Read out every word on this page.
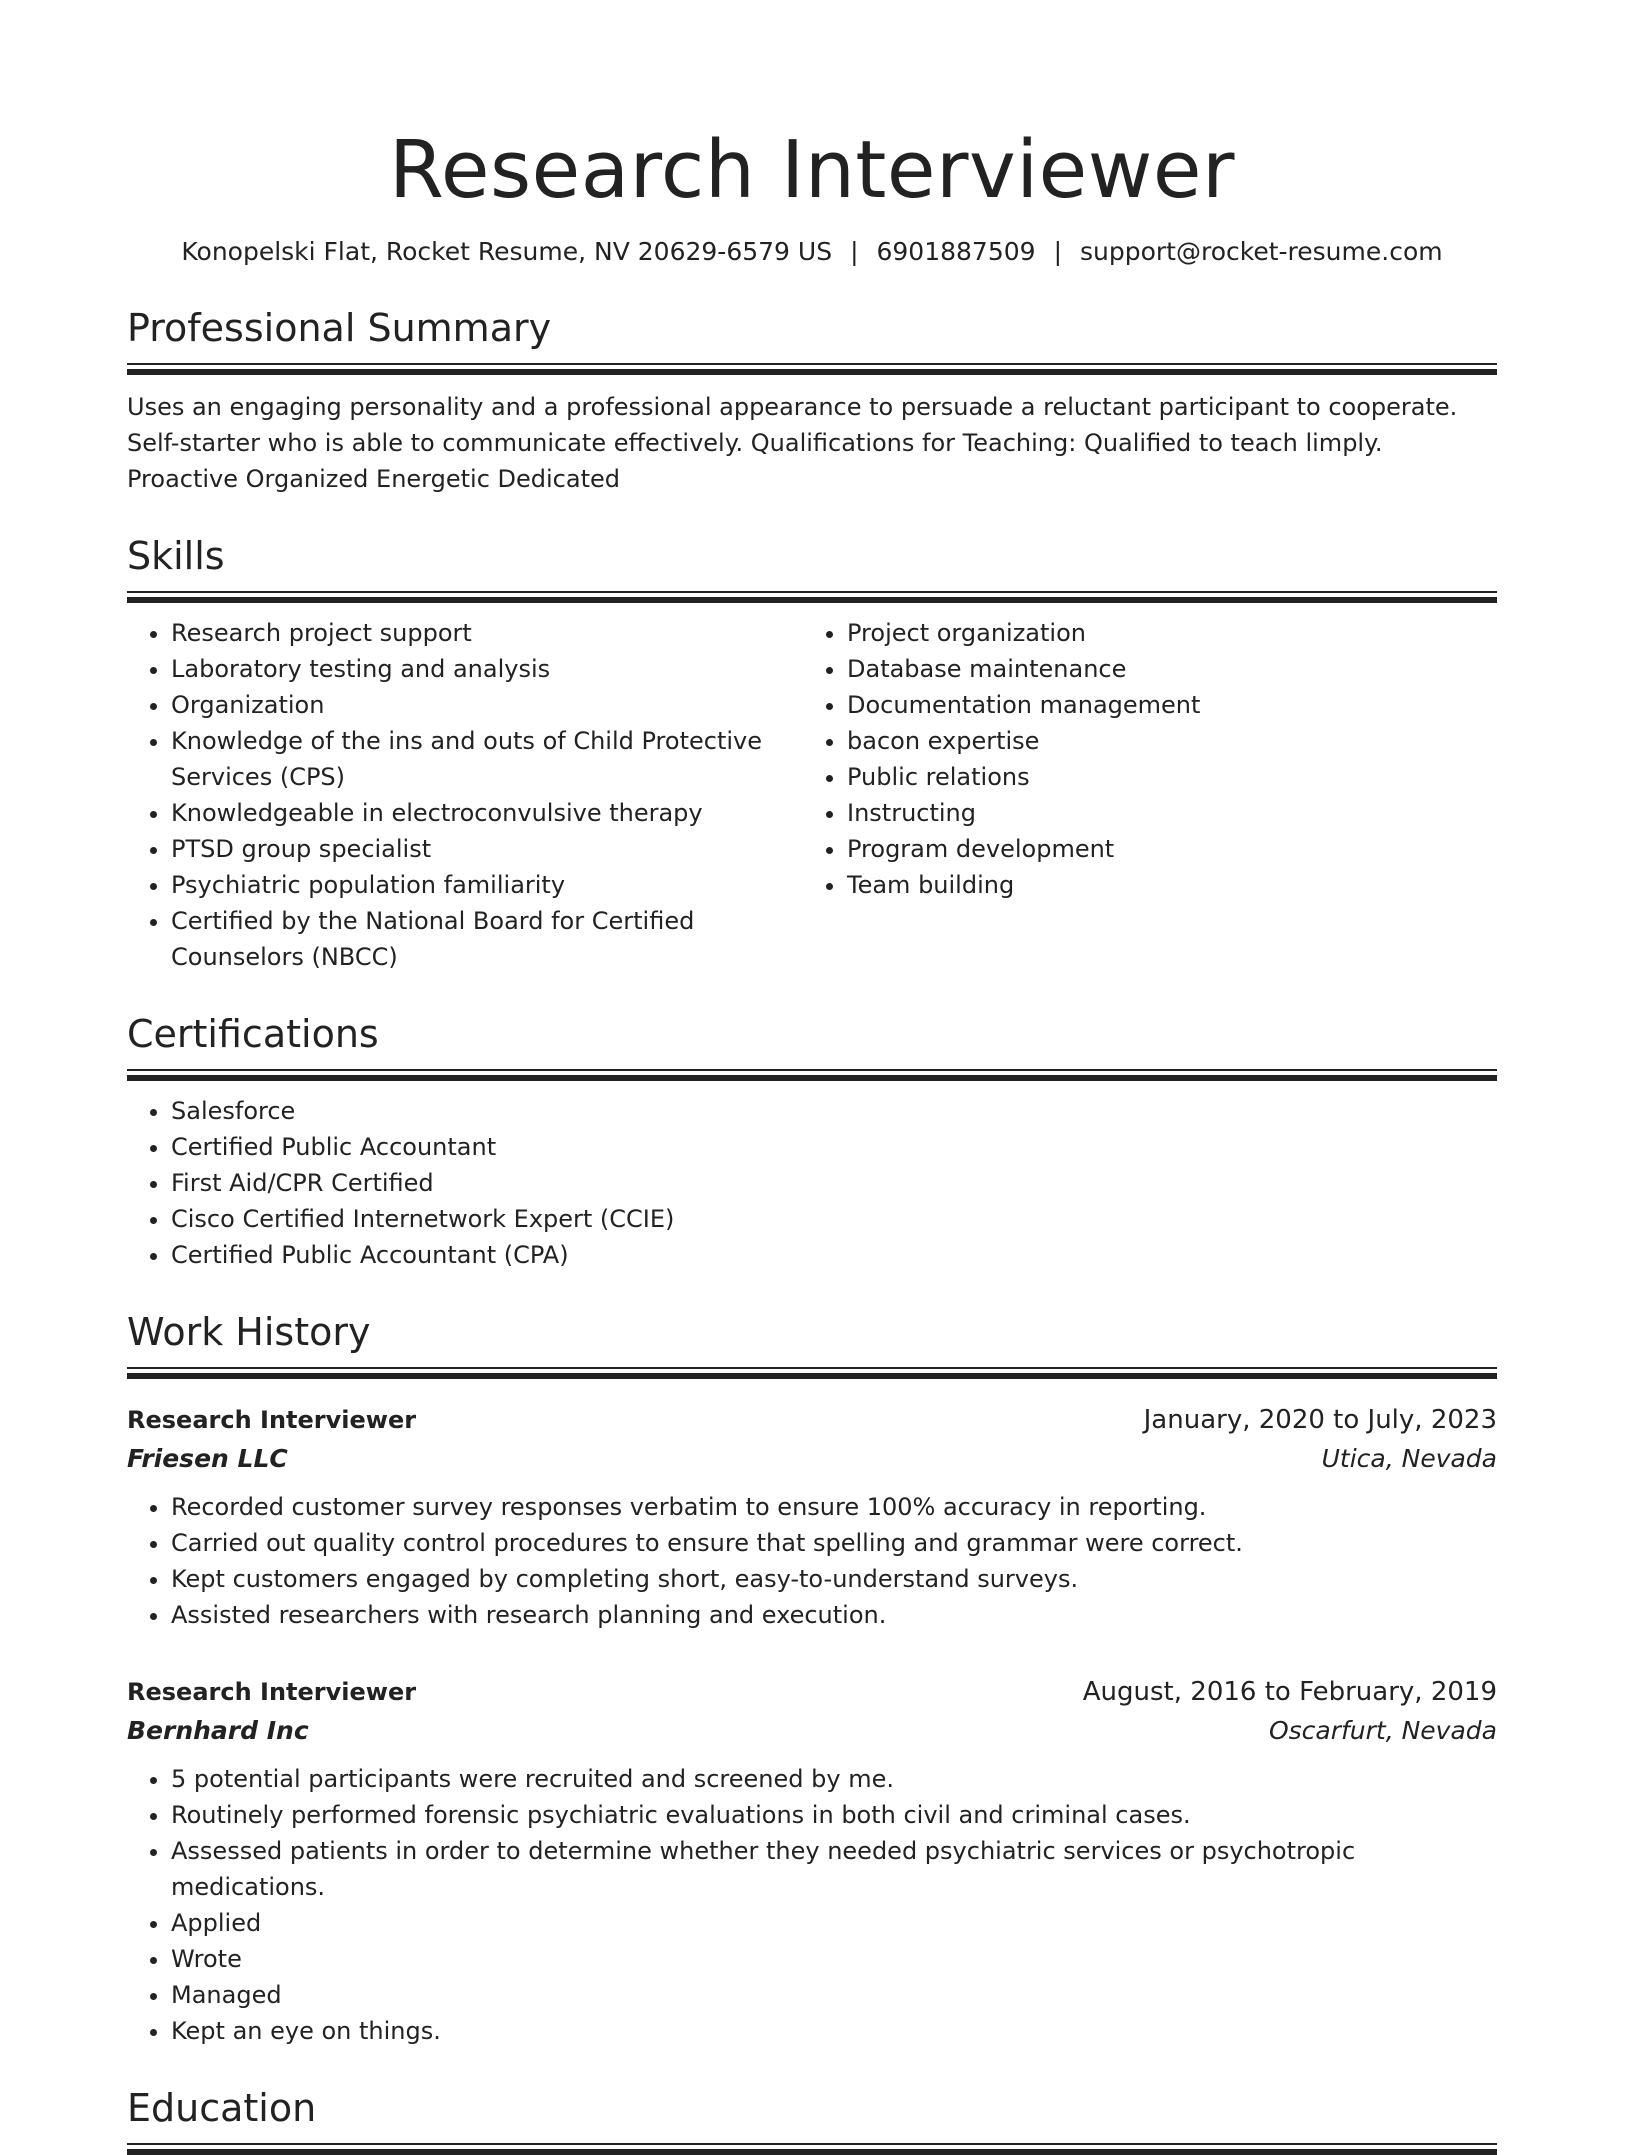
Research Interviewer
Konopelski Flat, Rocket Resume, NV 20629-6579 US | 6901887509 | support@rocket-resume.com
Professional Summary
Uses an engaging personality and a professional appearance to persuade a reluctant participant to cooperate. Self-starter who is able to communicate effectively. Qualifications for Teaching: Qualified to teach limply. Proactive Organized Energetic Dedicated
Skills
• Research project support
• Laboratory testing and analysis
• Organization
• Knowledge of the ins and outs of Child Protective Services (CPS)
• Knowledgeable in electroconvulsive therapy
• PTSD group specialist
• Psychiatric population familiarity
• Certified by the National Board for Certified Counselors (NBCC)
• Project organization
• Database maintenance
• Documentation management
• bacon expertise
• Public relations
• Instructing
• Program development
• Team building
Certifications
• Salesforce
• Certified Public Accountant
• First Aid/CPR Certified
• Cisco Certified Internetwork Expert (CCIE)
• Certified Public Accountant (CPA)
Work History
Research Interviewer	January, 2020 to July, 2023
Friesen LLC	Utica, Nevada
• Recorded customer survey responses verbatim to ensure 100% accuracy in reporting.
• Carried out quality control procedures to ensure that spelling and grammar were correct.
• Kept customers engaged by completing short, easy-to-understand surveys.
• Assisted researchers with research planning and execution.
Research Interviewer	August, 2016 to February, 2019
Bernhard Inc	Oscarfurt, Nevada
• 5 potential participants were recruited and screened by me.
• Routinely performed forensic psychiatric evaluations in both civil and criminal cases.
• Assessed patients in order to determine whether they needed psychiatric services or psychotropic medications.
• Applied
• Wrote
• Managed
• Kept an eye on things.
Education
